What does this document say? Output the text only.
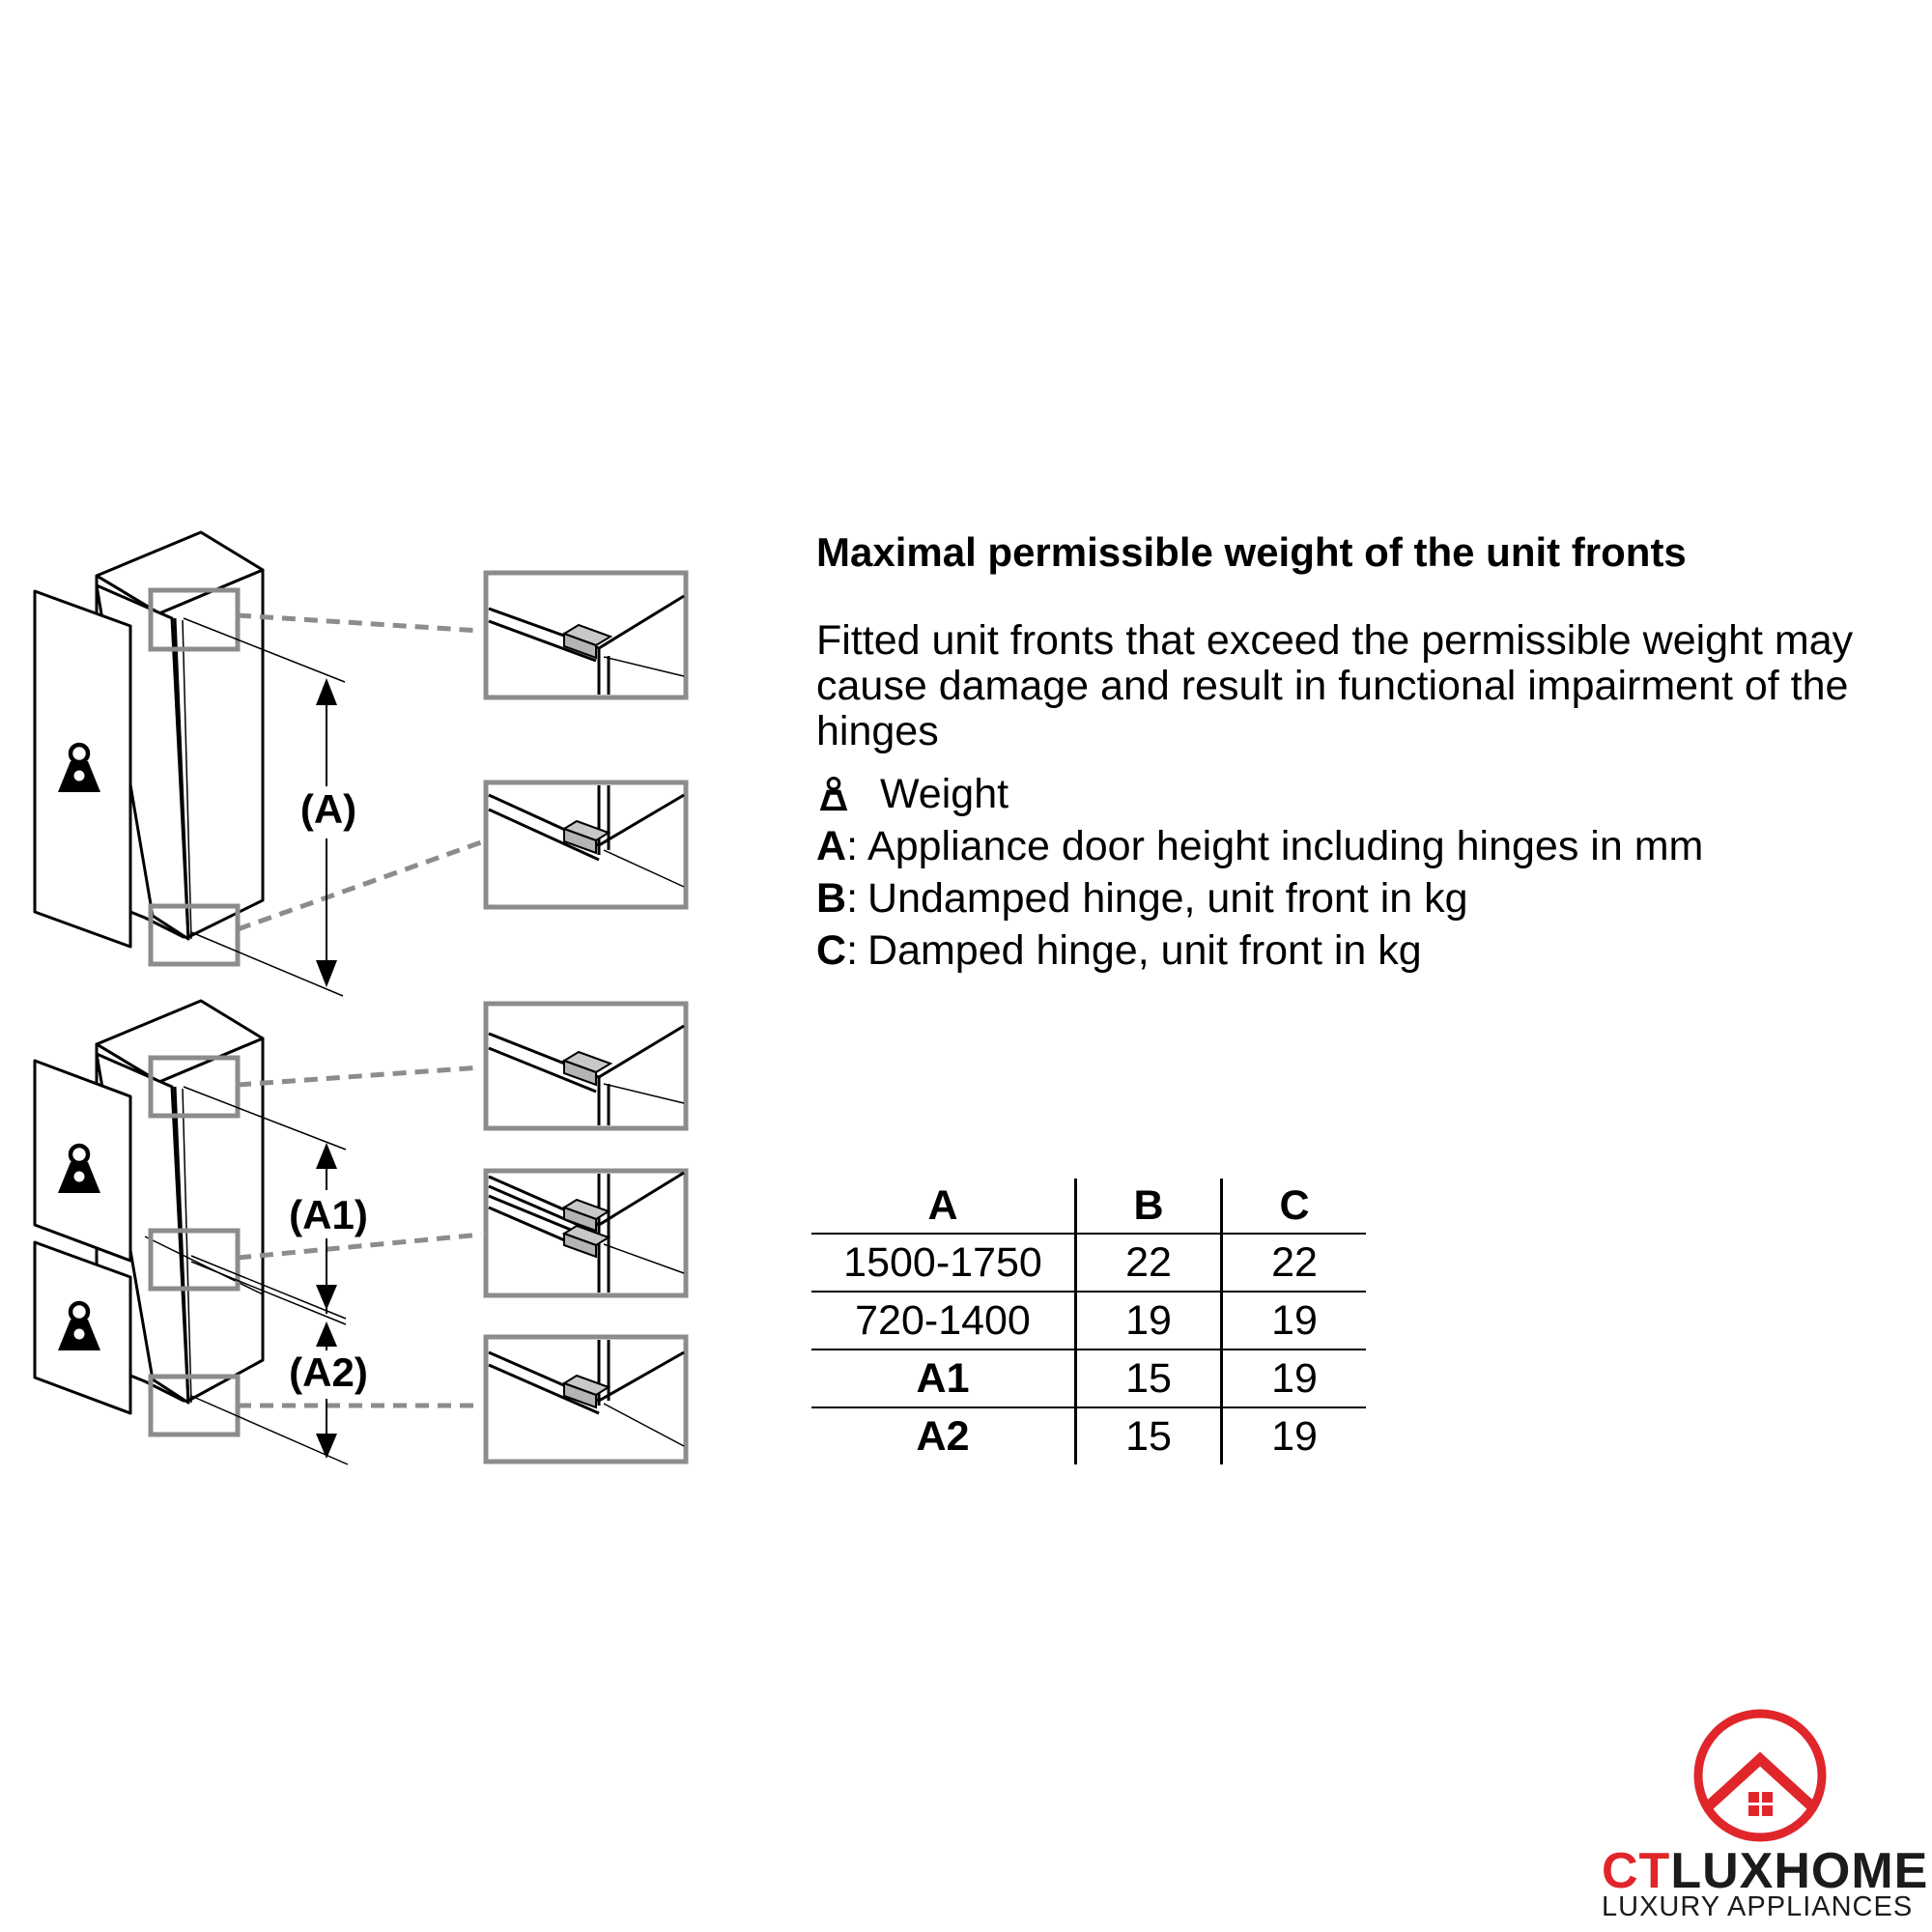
(A)
(A1)
(A2)
Maximal permissible weight of the unit fronts

Fitted unit fronts that exceed the permissible weight may cause damage and result in functional impairment of the hinges

Weight
A : Appliance door height including hinges in mm
B : Undamped hinge, unit front in kg
C : Damped hinge, unit front in kg
A	B	C
1500-1750	22	22
720-1400	19	19
A1	15	19
A2	15	19
CTLUXHOME
LUXURY APPLIANCES
